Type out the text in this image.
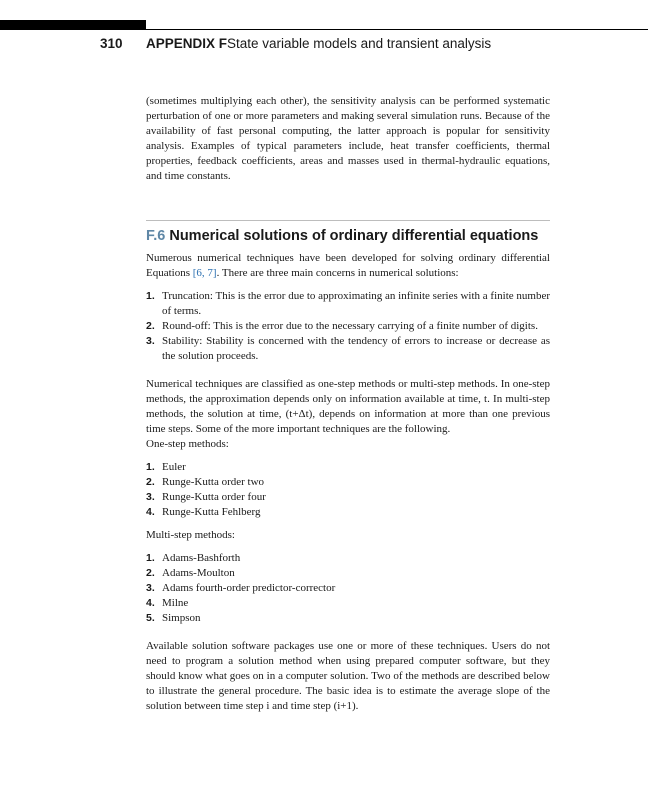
310 APPENDIX F State variable models and transient analysis

(sometimes multiplying each other), the sensitivity analysis can be performed systematic perturbation of one or more parameters and making several simulation runs. Because of the availability of fast personal computing, the latter approach is popular for sensitivity analysis. Examples of typical parameters include, heat transfer coefficients, thermal properties, feedback coefficients, areas and masses used in thermal-hydraulic equations, and time constants.

F.6 Numerical solutions of ordinary differential equations

Numerous numerical techniques have been developed for solving ordinary differential Equations [6, 7]. There are three main concerns in numerical solutions:

1. Truncation: This is the error due to approximating an infinite series with a finite number of terms.
2. Round-off: This is the error due to the necessary carrying of a finite number of digits.
3. Stability: Stability is concerned with the tendency of errors to increase or decrease as the solution proceeds.

Numerical techniques are classified as one-step methods or multi-step methods. In one-step methods, the approximation depends only on information available at time, t. In multi-step methods, the solution at time, (t+Δt), depends on information at more than one previous time steps. Some of the more important techniques are the following.

One-step methods:

1. Euler
2. Runge-Kutta order two
3. Runge-Kutta order four
4. Runge-Kutta Fehlberg

Multi-step methods:

1. Adams-Bashforth
2. Adams-Moulton
3. Adams fourth-order predictor-corrector
4. Milne
5. Simpson

Available solution software packages use one or more of these techniques. Users do not need to program a solution method when using prepared computer software, but they should know what goes on in a computer solution. Two of the methods are described below to illustrate the general procedure. The basic idea is to estimate the average slope of the solution between time step i and time step (i+1).
